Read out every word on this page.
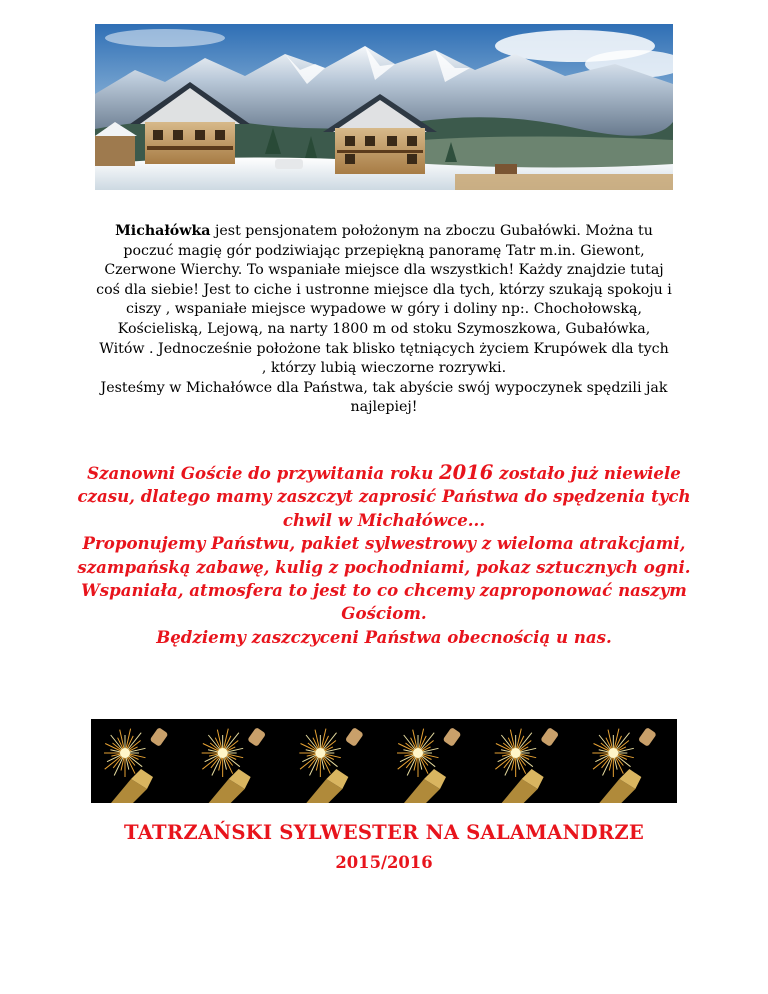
Michałówka jest pensjonatem położonym na zboczu Gubałówki. Można tu
poczuć magię gór podziwiając przepiękną panoramę Tatr m.in. Giewont,
Czerwone Wierchy. To wspaniałe miejsce dla wszystkich! Każdy znajdzie tutaj
coś dla siebie! Jest to ciche i ustronne miejsce dla tych, którzy szukają spokoju i
ciszy , wspaniałe miejsce wypadowe w góry i doliny np:. Chochołowską,
Kościeliską, Lejową, na narty 1800 m od stoku Szymoszkowa, Gubałówka,
Witów . Jednocześnie położone tak blisko tętniących życiem Krupówek dla tych
, którzy lubią wieczorne rozrywki.
Jesteśmy w Michałówce dla Państwa, tak abyście swój wypoczynek spędzili jak
najlepiej!
Szanowni Goście do przywitania roku 2016 zostało już niewiele
czasu, dlatego mamy zaszczyt zaprosić Państwa do spędzenia tych
chwil w Michałówce...
Proponujemy Państwu, pakiet sylwestrowy z wieloma atrakcjami,
szampańską zabawę, kulig z pochodniami, pokaz sztucznych ogni.
Wspaniała, atmosfera to jest to co chcemy zaproponować naszym
Gościom.
Będziemy zaszczyceni Państwa obecnością u nas.
TATRZAŃSKI SYLWESTER NA SALAMANDRZE
2015/2016
